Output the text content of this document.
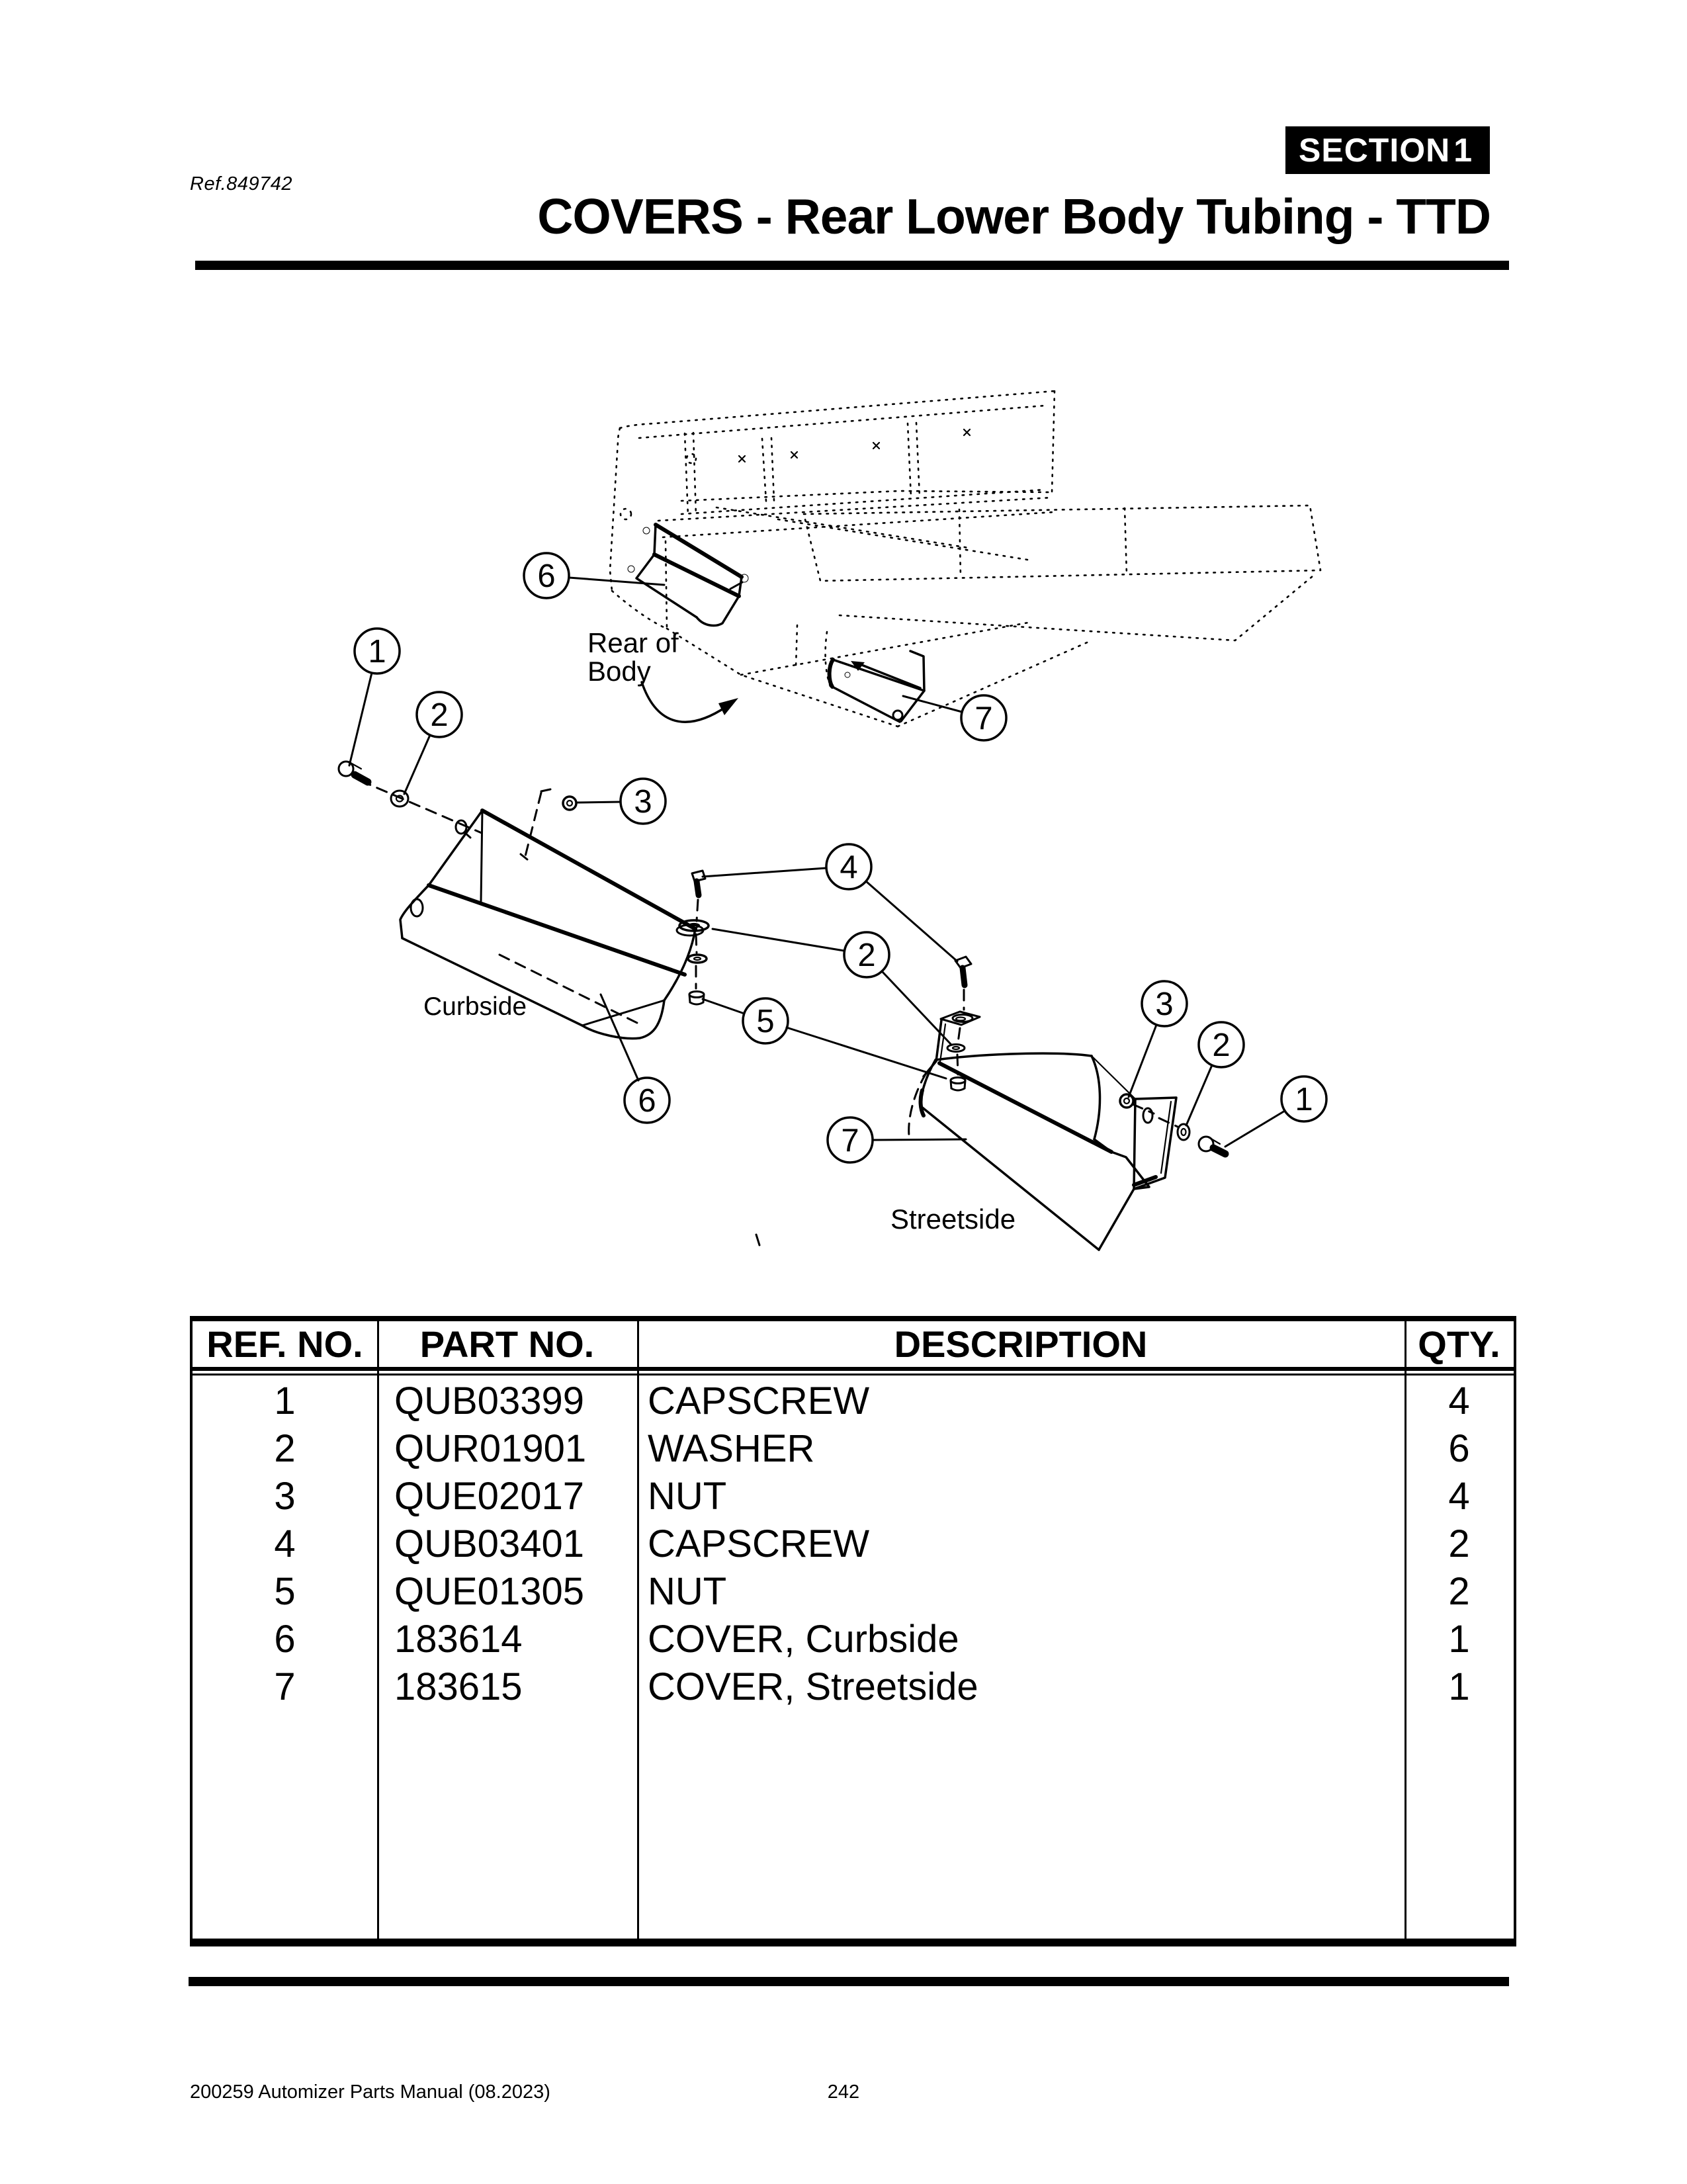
Ref.849742
SECTION 1
COVERS - Rear Lower Body Tubing - TTD
Rear of
Body
Curbside
Streetside
6
7
1
2
3
4
2
5
6
7
3
2
1
REF. NO.	PART NO.	DESCRIPTION	QTY.
1	QUB03399	CAPSCREW	4
2	QUR01901	WASHER	6
3	QUE02017	NUT	4
4	QUB03401	CAPSCREW	2
5	QUE01305	NUT	2
6	183614	COVER, Curbside	1
7	183615	COVER, Streetside	1
200259 Automizer Parts Manual (08.2023)	242
